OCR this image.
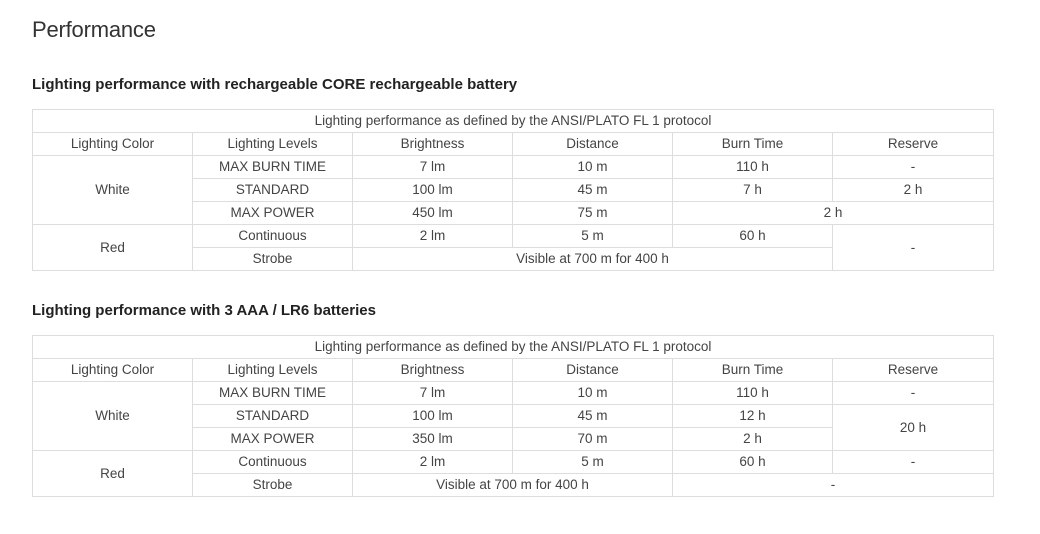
Performance
Lighting performance with rechargeable CORE rechargeable battery
Lighting performance as defined by the ANSI/PLATO FL 1 protocol					
Lighting Color	Lighting Levels	Brightness	Distance	Burn Time	Reserve
White	MAX BURN TIME	7 lm	10 m	110 h	-
	STANDARD	100 lm	45 m	7 h	2 h
	MAX POWER	450 lm	75 m	2 h	
Red	Continuous	2 lm	5 m	60 h	-
	Strobe	Visible at 700 m for 400 h			
Lighting performance with 3 AAA / LR6 batteries
Lighting performance as defined by the ANSI/PLATO FL 1 protocol					
Lighting Color	Lighting Levels	Brightness	Distance	Burn Time	Reserve
White	MAX BURN TIME	7 lm	10 m	110 h	-
	STANDARD	100 lm	45 m	12 h	20 h
	MAX POWER	350 lm	70 m	2 h	
Red	Continuous	2 lm	5 m	60 h	-
	Strobe	Visible at 700 m for 400 h		-	
